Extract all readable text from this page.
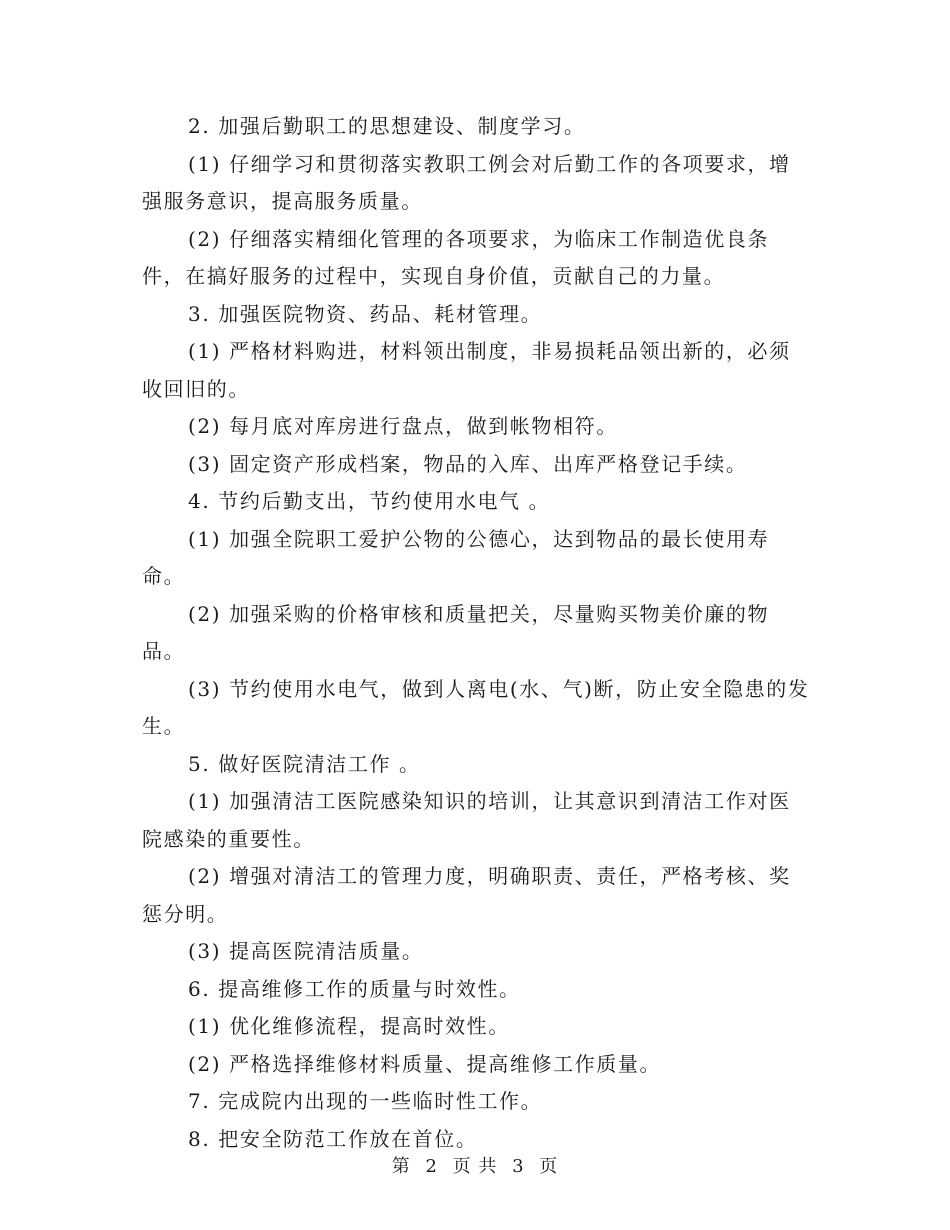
2. 加强后勤职工的思想建设、制度学习。

(1) 仔细学习和贯彻落实教职工例会对后勤工作的各项要求，增强服务意识，提高服务质量。

(2) 仔细落实精细化管理的各项要求，为临床工作制造优良条件，在搞好服务的过程中，实现自身价值，贡献自己的力量。

3. 加强医院物资、药品、耗材管理。

(1) 严格材料购进，材料领出制度，非易损耗品领出新的，必须收回旧的。

(2) 每月底对库房进行盘点，做到帐物相符。

(3) 固定资产形成档案，物品的入库、出库严格登记手续。

4. 节约后勤支出，节约使用水电气 。

(1) 加强全院职工爱护公物的公德心，达到物品的最长使用寿命。

(2) 加强采购的价格审核和质量把关，尽量购买物美价廉的物品。

(3) 节约使用水电气，做到人离电(水、气)断，防止安全隐患的发生。

5. 做好医院清洁工作 。

(1) 加强清洁工医院感染知识的培训，让其意识到清洁工作对医院感染的重要性。

(2) 增强对清洁工的管理力度，明确职责、责任，严格考核、奖惩分明。

(3) 提高医院清洁质量。

6. 提高维修工作的质量与时效性。

(1) 优化维修流程，提高时效性。

(2) 严格选择维修材料质量、提高维修工作质量。

7. 完成院内出现的一些临时性工作。

8. 把安全防范工作放在首位。

第 2 页 共 3 页
